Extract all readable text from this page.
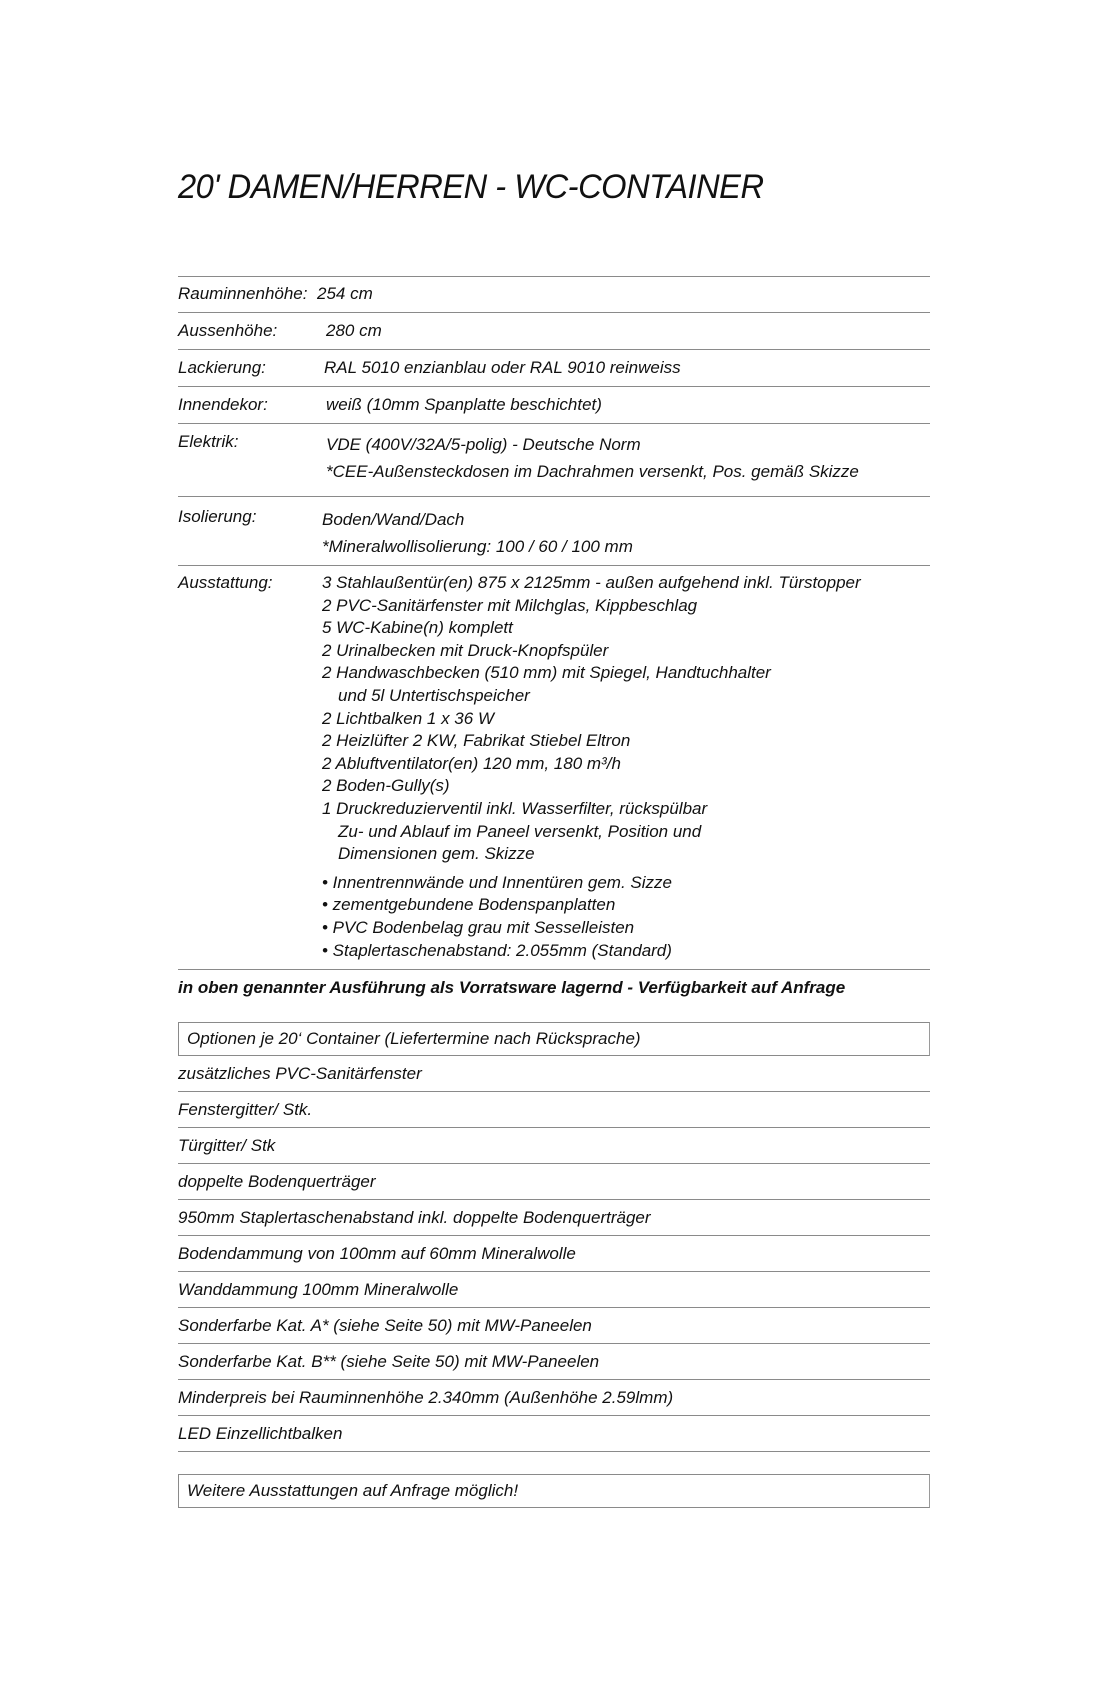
20' DAMEN/HERREN - WC-CONTAINER
Rauminnenhöhe: 254 cm
Aussenhöhe:	280 cm
Lackierung:	RAL 5010 enzianblau oder RAL 9010 reinweiss
Innendekor:	weiß (10mm Spanplatte beschichtet)
Elektrik:	VDE (400V/32A/5-polig) - Deutsche Norm
*CEE-Außensteckdosen im Dachrahmen versenkt, Pos. gemäß Skizze
Isolierung:	Boden/Wand/Dach
*Mineralwollisolierung: 100 / 60 / 100 mm
Ausstattung:	3 Stahlaußentür(en) 875 x 2125mm - außen aufgehend inkl. Türstopper
2 PVC-Sanitärfenster mit Milchglas, Kippbeschlag
5 WC-Kabine(n) komplett
2 Urinalbecken mit Druck-Knopfspüler
2 Handwaschbecken (510 mm) mit Spiegel, Handtuchhalter
und 5l Untertischspeicher
2 Lichtbalken 1 x 36 W
2 Heizlüfter 2 KW, Fabrikat Stiebel Eltron
2 Abluftventilator(en) 120 mm, 180 m³/h
2 Boden-Gully(s)
1 Druckreduzierventil inkl. Wasserfilter, rückspülbar
Zu- und Ablauf im Paneel versenkt, Position und
Dimensionen gem. Skizze
• Innentrennwände und Innentüren gem. Sizze
• zementgebundene Bodenspanplatten
• PVC Bodenbelag grau mit Sesselleisten
• Staplertaschenabstand: 2.055mm (Standard)
in oben genannter Ausführung als Vorratsware lagernd - Verfügbarkeit auf Anfrage
Optionen je 20‘ Container (Liefertermine nach Rücksprache)
zusätzliches PVC-Sanitärfenster
Fenstergitter/ Stk.
Türgitter/ Stk
doppelte Bodenquerträger
950mm Staplertaschenabstand inkl. doppelte Bodenquerträger
Bodendammung von 100mm auf 60mm Mineralwolle
Wanddammung 100mm Mineralwolle
Sonderfarbe Kat. A* (siehe Seite 50) mit MW-Paneelen
Sonderfarbe Kat. B** (siehe Seite 50) mit MW-Paneelen
Minderpreis bei Rauminnenhöhe 2.340mm (Außenhöhe 2.59lmm)
LED Einzellichtbalken
Weitere Ausstattungen auf Anfrage möglich!
